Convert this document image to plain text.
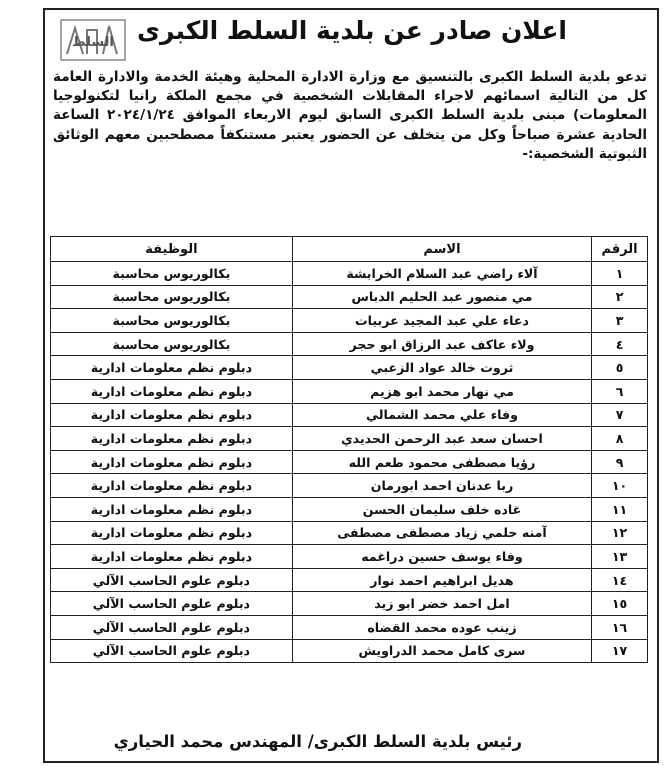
السلط اعلان صادر عن بلدية السلط الكبرى
تدعو بلدية السلط الكبرى بالتنسيق مع وزارة الادارة المحلية وهيئة الخدمة والادارة العامة كل من التالية اسمائهم لاجراء المقابلات الشخصية في مجمع الملكة رانيا لتكنولوجيا المعلومات) مبنى بلدية السلط الكبرى السابق ليوم الاربعاء الموافق ٢٠٢٤/١/٢٤ الساعة الحادية عشرة صباحاً وكل من يتخلف عن الحضور يعتبر مستنكفاً مصطحبين معهم الوثائق الثبوتية الشخصية:-
الرقم	الاسم	الوظيفة
١	آلاء راضي عبد السلام الخرابشة	بكالوريوس محاسبة
٢	مي منصور عبد الحليم الدباس	بكالوريوس محاسبة
٣	دعاء علي عبد المجيد عربيات	بكالوريوس محاسبة
٤	ولاء عاكف عبد الرزاق ابو حجر	بكالوريوس محاسبة
٥	ثروت خالد عواد الزعبي	دبلوم نظم معلومات ادارية
٦	مي نهار محمد ابو هزيم	دبلوم نظم معلومات ادارية
٧	وفاء علي محمد الشمالي	دبلوم نظم معلومات ادارية
٨	احسان سعد عبد الرحمن الحديدي	دبلوم نظم معلومات ادارية
٩	رؤيا مصطفى محمود طعم الله	دبلوم نظم معلومات ادارية
١٠	ربا عدنان احمد ابورمان	دبلوم نظم معلومات ادارية
١١	غاده خلف سليمان الحسن	دبلوم نظم معلومات ادارية
١٢	آمنه حلمي زياد مصطفى مصطفى	دبلوم نظم معلومات ادارية
١٣	وفاء يوسف حسين دراغمه	دبلوم نظم معلومات ادارية
١٤	هديل ابراهيم احمد نوار	دبلوم علوم الحاسب الآلي
١٥	امل احمد خضر ابو زيد	دبلوم علوم الحاسب الآلي
١٦	زينب عوده محمد القضاه	دبلوم علوم الحاسب الآلي
١٧	سرى كامل محمد الدراويش	دبلوم علوم الحاسب الآلي
رئيس بلدية السلط الكبرى/ المهندس محمد الحياري
